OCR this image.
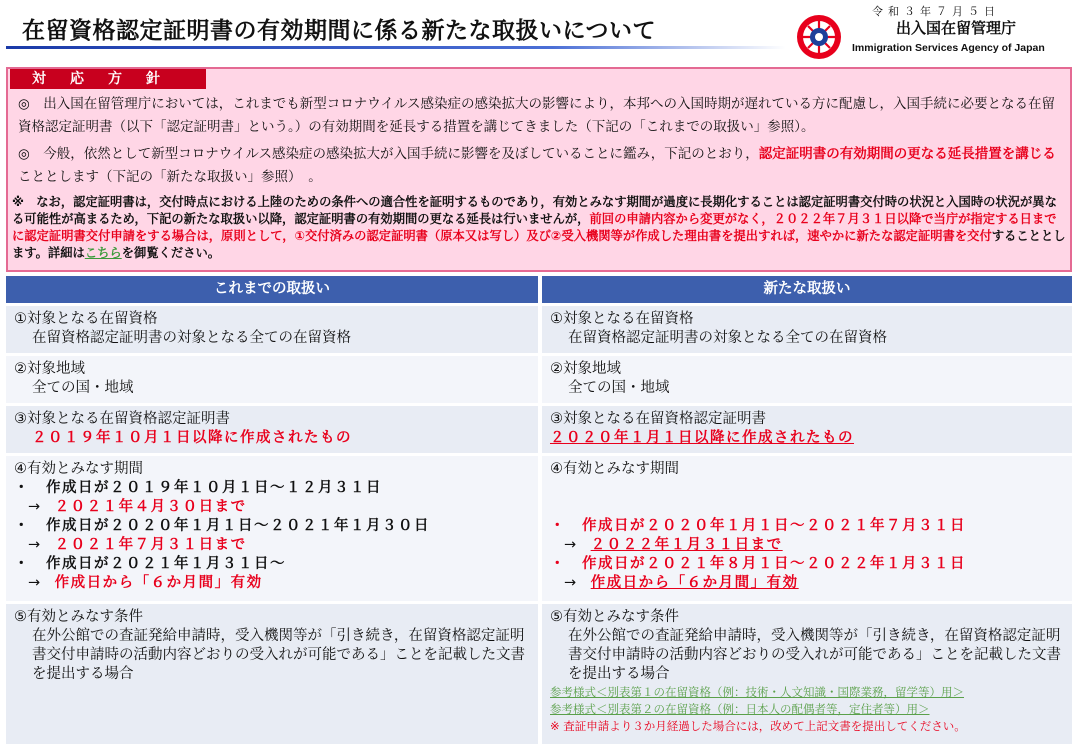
在留資格認定証明書の有効期間に係る新たな取扱いについて
令和３年７月５日
出入国在留管理庁
Immigration Services Agency of Japan
対応方針
◎　出入国在留管理庁においては，これまでも新型コロナウイルス感染症の感染拡大の影響により，本邦への入国時期が遅れている方に配慮し，入国手続に必要となる在留資格認定証明書（以下「認定証明書」という。）の有効期間を延長する措置を講じてきました（下記の「これまでの取扱い」参照）。
◎　今般，依然として新型コロナウイルス感染症の感染拡大が入国手続に影響を及ぼしていることに鑑み，下記のとおり，認定証明書の有効期間の更なる延長措置を講じることとします（下記の「新たな取扱い」参照）　。
※　なお，認定証明書は，交付時点における上陸のための条件への適合性を証明するものであり，有効とみなす期間が過度に長期化することは認定証明書交付時の状況と入国時の状況が異なる可能性が高まるため，下記の新たな取扱い以降，認定証明書の有効期間の更なる延長は行いませんが，前回の申請内容から変更がなく，２０２２年７月３１日以降で当庁が指定する日までに認定証明書交付申請をする場合は，原則として，①交付済みの認定証明書（原本又は写し）及び②受入機関等が作成した理由書を提出すれば，速やかに新たな認定証明書を交付することとします。詳細はこちらを御覧ください。
これまでの取扱い	新たな取扱い
①対象となる在留資格
在留資格認定証明書の対象となる全ての在留資格
①対象となる在留資格
在留資格認定証明書の対象となる全ての在留資格
②対象地域
全ての国・地域
②対象地域
全ての国・地域
③対象となる在留資格認定証明書
２０１９年１０月１日以降に作成されたもの
③対象となる在留資格認定証明書
２０２０年１月１日以降に作成されたもの
④有効とみなす期間
・　作成日が２０１９年１０月１日～１２月３１日
→　 ２０２１年４月３０日まで
・　作成日が２０２０年１月１日～２０２１年１月３０日
→　 ２０２１年７月３１日まで
・　作成日が２０２１年１月３１日～
→　 作成日から「６か月間」有効
④有効とみなす期間
・　作成日が２０２０年１月１日～２０２１年７月３１日
→　 ２０２２年１月３１日まで
・　作成日が２０２１年８月１日～２０２２年１月３１日
→　 作成日から「６か月間」有効
⑤有効とみなす条件
在外公館での査証発給申請時，受入機関等が「引き続き，在留資格認定証明書交付申請時の活動内容どおりの受入れが可能である」ことを記載した文書を提出する場合
⑤有効とみなす条件
在外公館での査証発給申請時，受入機関等が「引き続き，在留資格認定証明書交付申請時の活動内容どおりの受入れが可能である」ことを記載した文書を提出する場合
参考様式＜別表第１の在留資格（例：技術・人文知識・国際業務，留学等）用＞
参考様式＜別表第２の在留資格（例：日本人の配偶者等，定住者等）用＞
※ 査証申請より３か月経過した場合には，改めて上記文書を提出してください。
